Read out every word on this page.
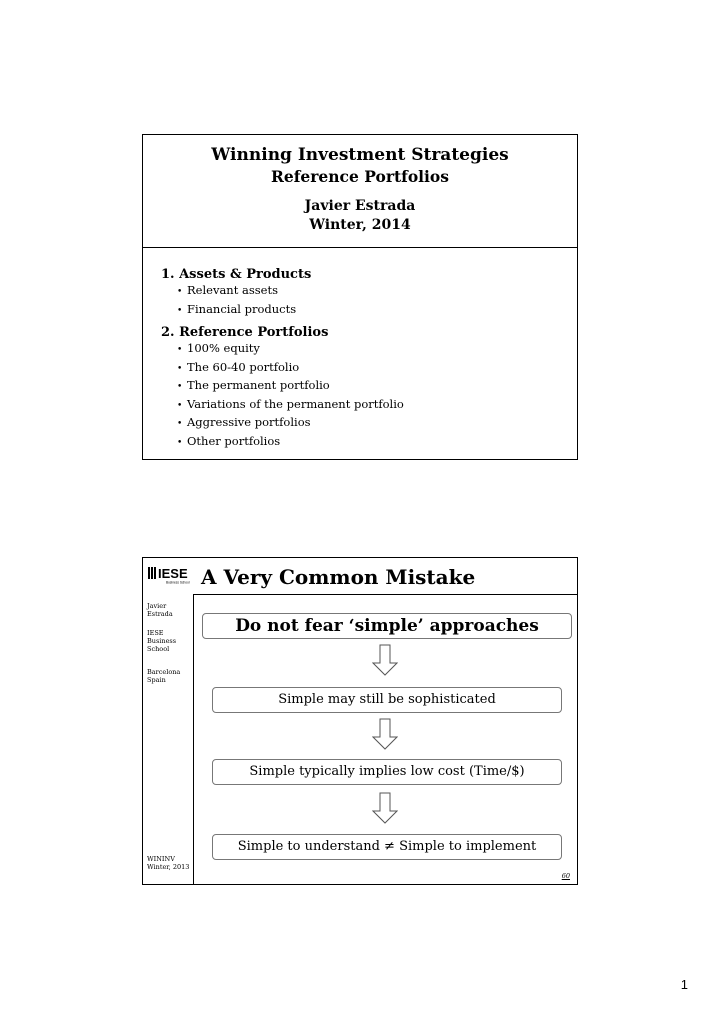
Winning Investment Strategies
Reference Portfolios
Javier Estrada
Winter, 2014
1. Assets & Products
• Relevant assets
• Financial products
2. Reference Portfolios
• 100% equity
• The 60-40 portfolio
• The permanent portfolio
• Variations of the permanent portfolio
• Aggressive portfolios
• Other portfolios
IESE
Business School A Very Common Mistake
Javier
Estrada
IESE
Business
School
Barcelona
Spain
WININV
Winter, 2013
Do not fear ‘simple’ approaches
Simple may still be sophisticated
Simple typically implies low cost (Time/$)
Simple to understand ≠ Simple to implement
60
1
